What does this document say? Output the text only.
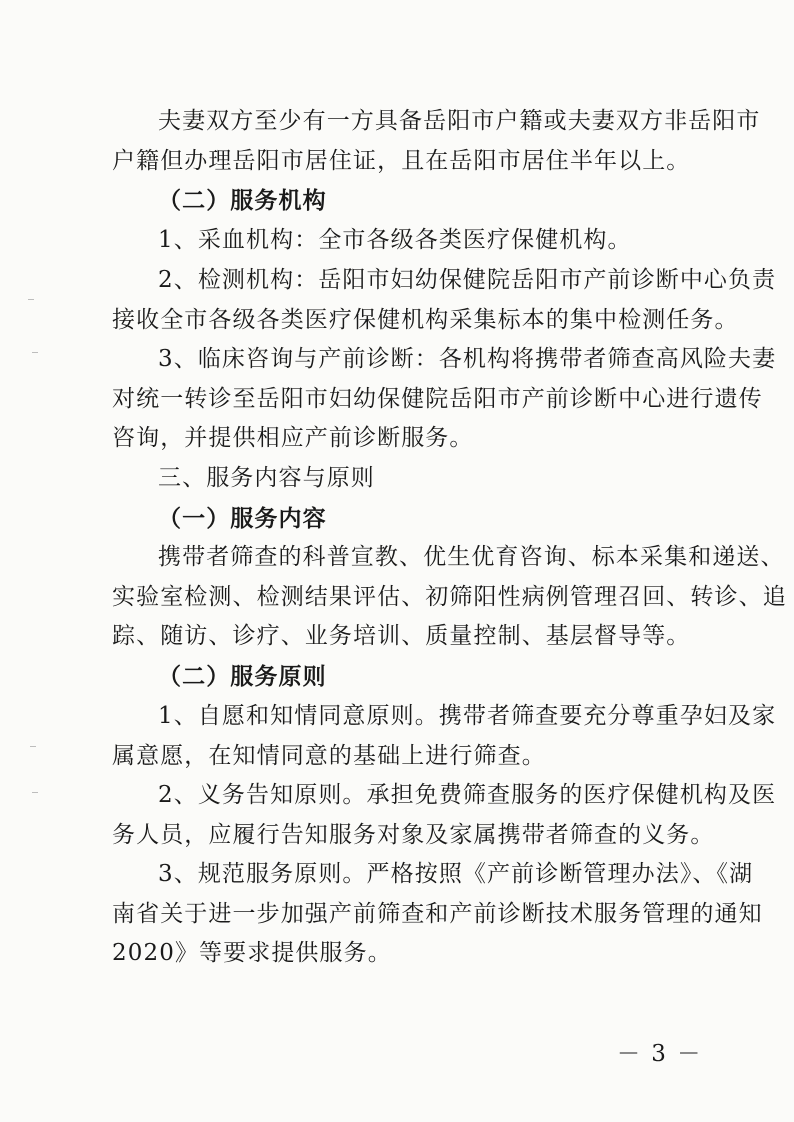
夫妻双方至少有一方具备岳阳市户籍或夫妻双方非岳阳市
户籍但办理岳阳市居住证，且在岳阳市居住半年以上。
（二）服务机构
1、采血机构：全市各级各类医疗保健机构。
2、检测机构：岳阳市妇幼保健院岳阳市产前诊断中心负责
接收全市各级各类医疗保健机构采集标本的集中检测任务。
3、临床咨询与产前诊断：各机构将携带者筛查高风险夫妻
对统一转诊至岳阳市妇幼保健院岳阳市产前诊断中心进行遗传
咨询，并提供相应产前诊断服务。
三、服务内容与原则
（一）服务内容
携带者筛查的科普宣教、优生优育咨询、标本采集和递送、
实验室检测、检测结果评估、初筛阳性病例管理召回、转诊、追
踪、随访、诊疗、业务培训、质量控制、基层督导等。
（二）服务原则
1、自愿和知情同意原则。携带者筛查要充分尊重孕妇及家
属意愿，在知情同意的基础上进行筛查。
2、义务告知原则。承担免费筛查服务的医疗保健机构及医
务人员，应履行告知服务对象及家属携带者筛查的义务。
3、规范服务原则。严格按照《产前诊断管理办法》、《湖
南省关于进一步加强产前筛查和产前诊断技术服务管理的通知
2020》等要求提供服务。
－ 3 －
